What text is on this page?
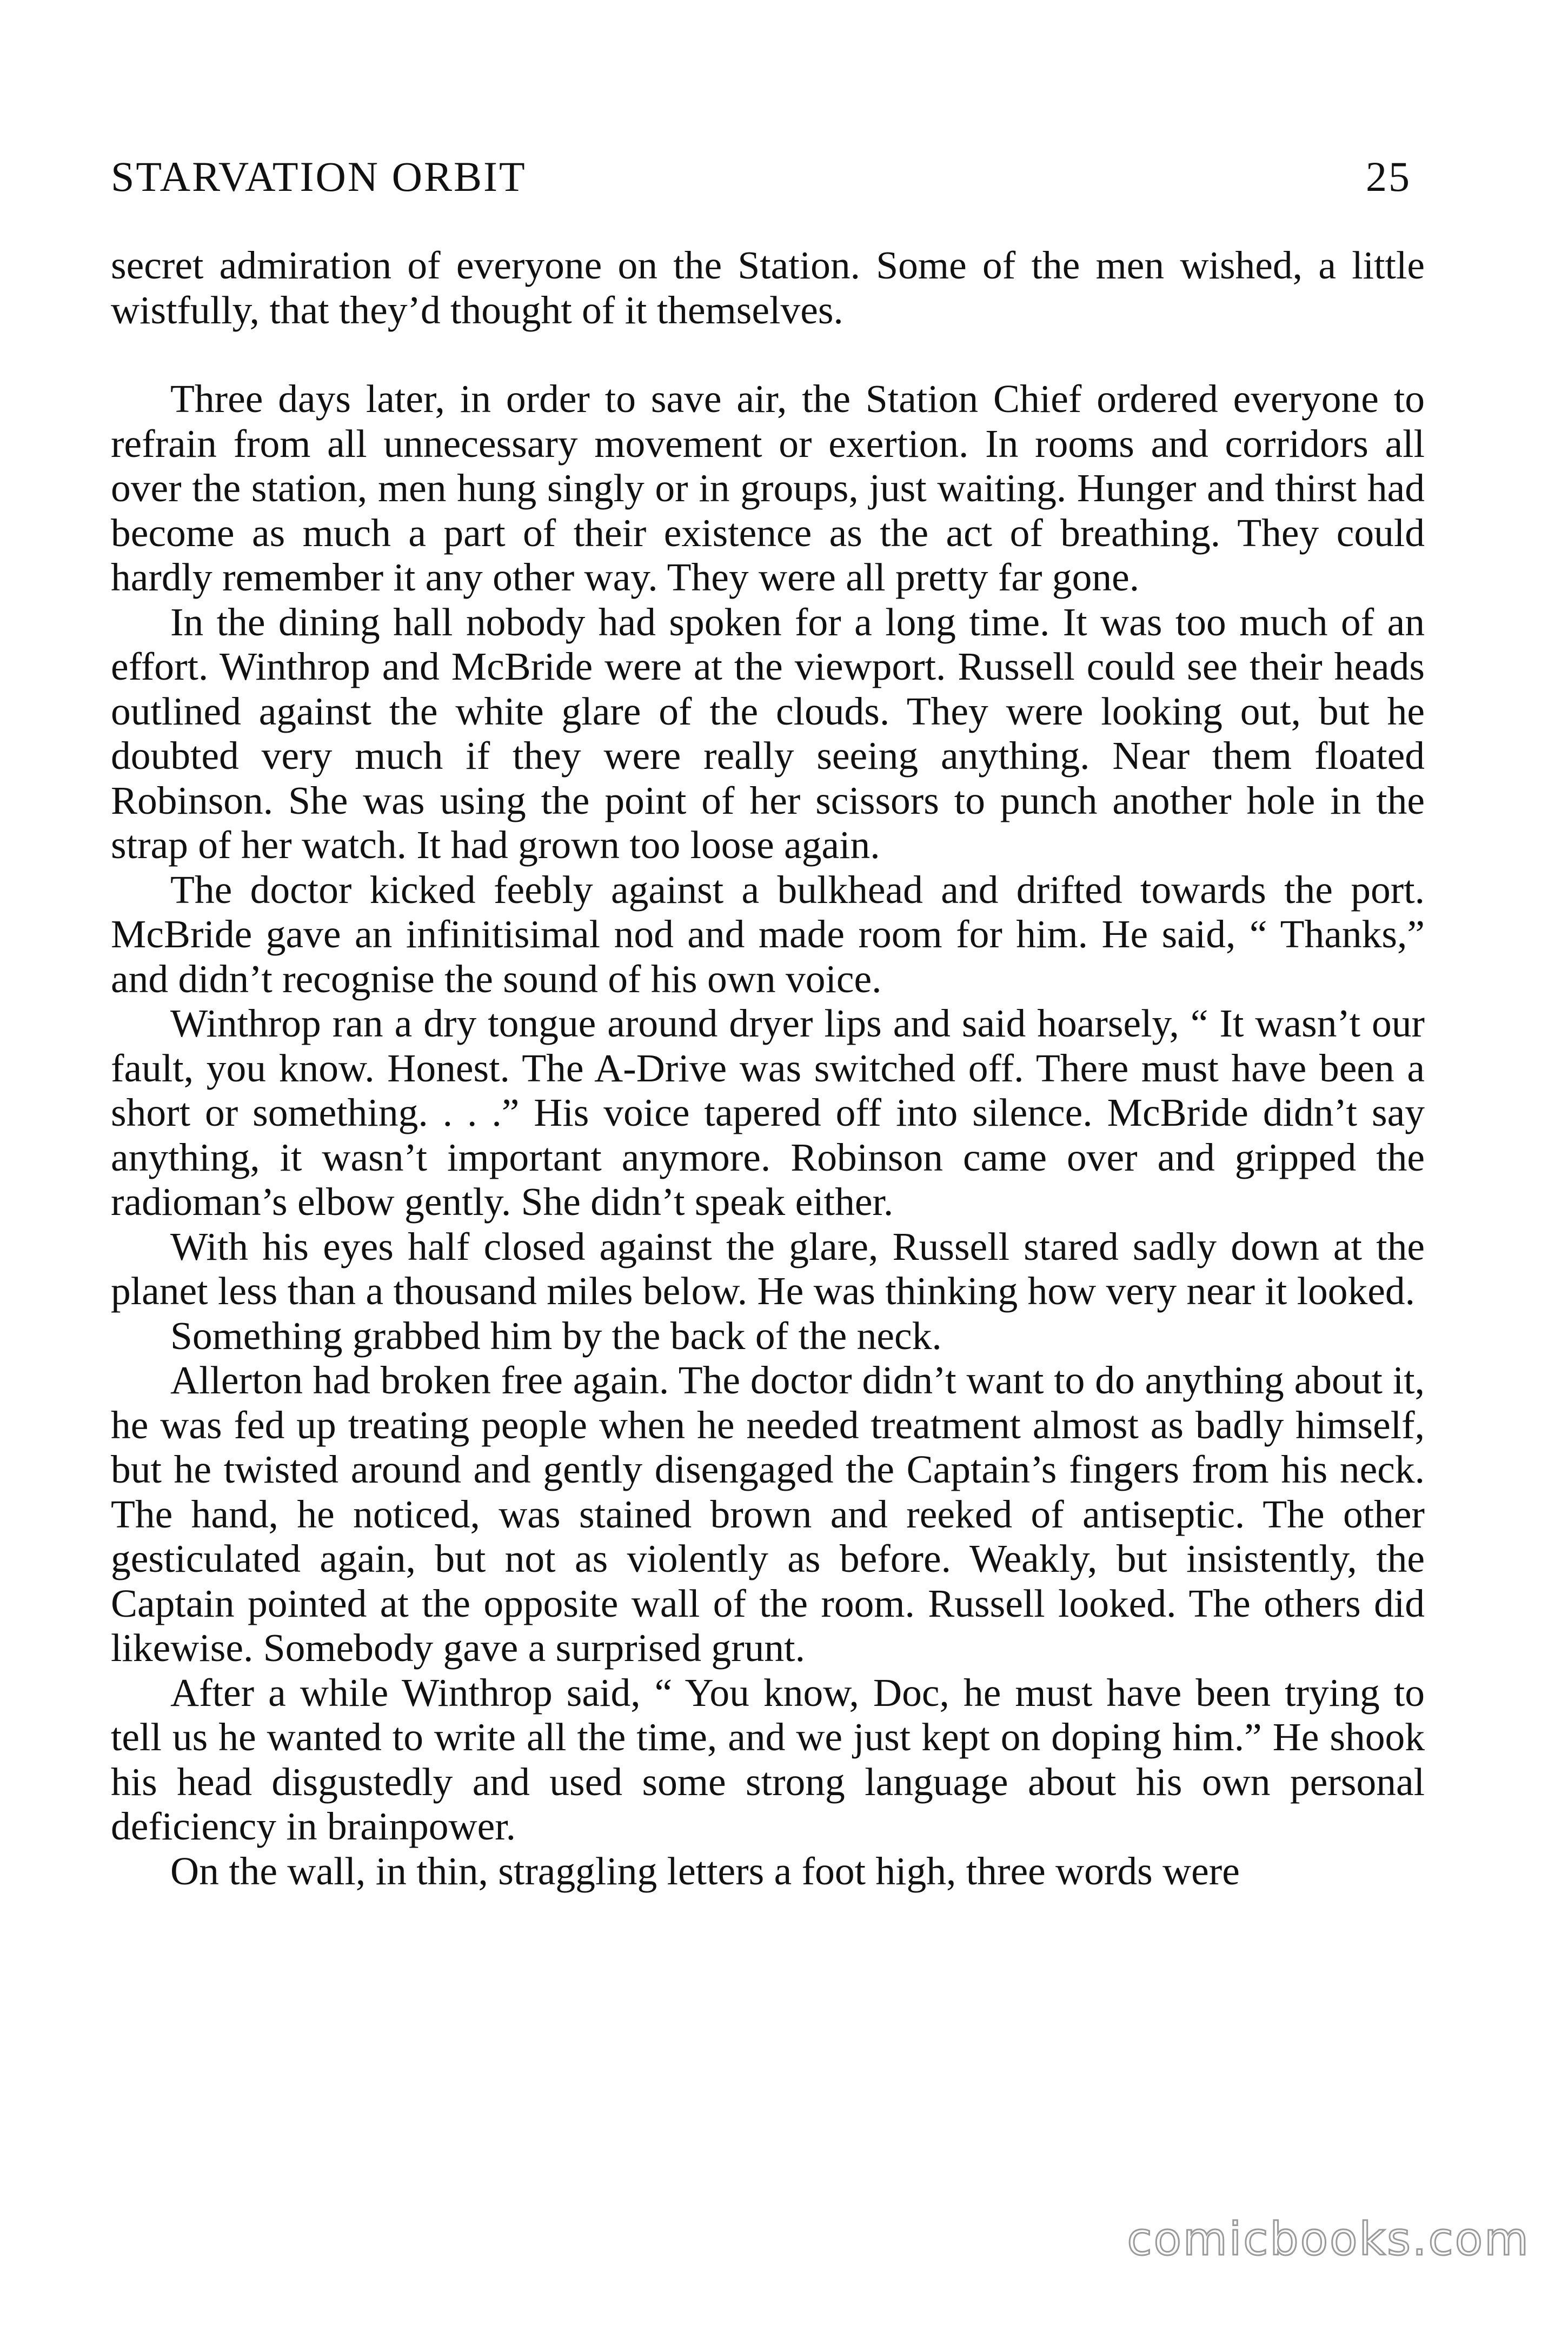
STARVATION ORBIT	25

secret admiration of everyone on the Station. Some of the men wished, a little wistfully, that they’d thought of it themselves.

Three days later, in order to save air, the Station Chief ordered everyone to refrain from all unnecessary movement or exertion. In rooms and corridors all over the station, men hung singly or in groups, just waiting. Hunger and thirst had become as much a part of their existence as the act of breathing. They could hardly remember it any other way. They were all pretty far gone.

In the dining hall nobody had spoken for a long time. It was too much of an effort. Winthrop and McBride were at the viewport. Russell could see their heads outlined against the white glare of the clouds. They were looking out, but he doubted very much if they were really seeing anything. Near them floated Robinson. She was using the point of her scissors to punch another hole in the strap of her watch. It had grown too loose again.

The doctor kicked feebly against a bulkhead and drifted towards the port. McBride gave an infinitisimal nod and made room for him. He said, “ Thanks,” and didn’t recognise the sound of his own voice.

Winthrop ran a dry tongue around dryer lips and said hoarsely, “ It wasn’t our fault, you know. Honest. The A-Drive was switched off. There must have been a short or something. . . .” His voice tapered off into silence. McBride didn’t say anything, it wasn’t important anymore. Robinson came over and gripped the radioman’s elbow gently. She didn’t speak either.

With his eyes half closed against the glare, Russell stared sadly down at the planet less than a thousand miles below. He was thinking how very near it looked.

Something grabbed him by the back of the neck.

Allerton had broken free again. The doctor didn’t want to do anything about it, he was fed up treating people when he needed treatment almost as badly himself, but he twisted around and gently disengaged the Captain’s fingers from his neck. The hand, he noticed, was stained brown and reeked of antiseptic. The other gesticulated again, but not as violently as before. Weakly, but insistently, the Captain pointed at the opposite wall of the room. Russell looked. The others did likewise. Somebody gave a surprised grunt.

After a while Winthrop said, “ You know, Doc, he must have been trying to tell us he wanted to write all the time, and we just kept on doping him.” He shook his head disgustedly and used some strong language about his own personal deficiency in brainpower.

On the wall, in thin, straggling letters a foot high, three words were

comicbooks.com
